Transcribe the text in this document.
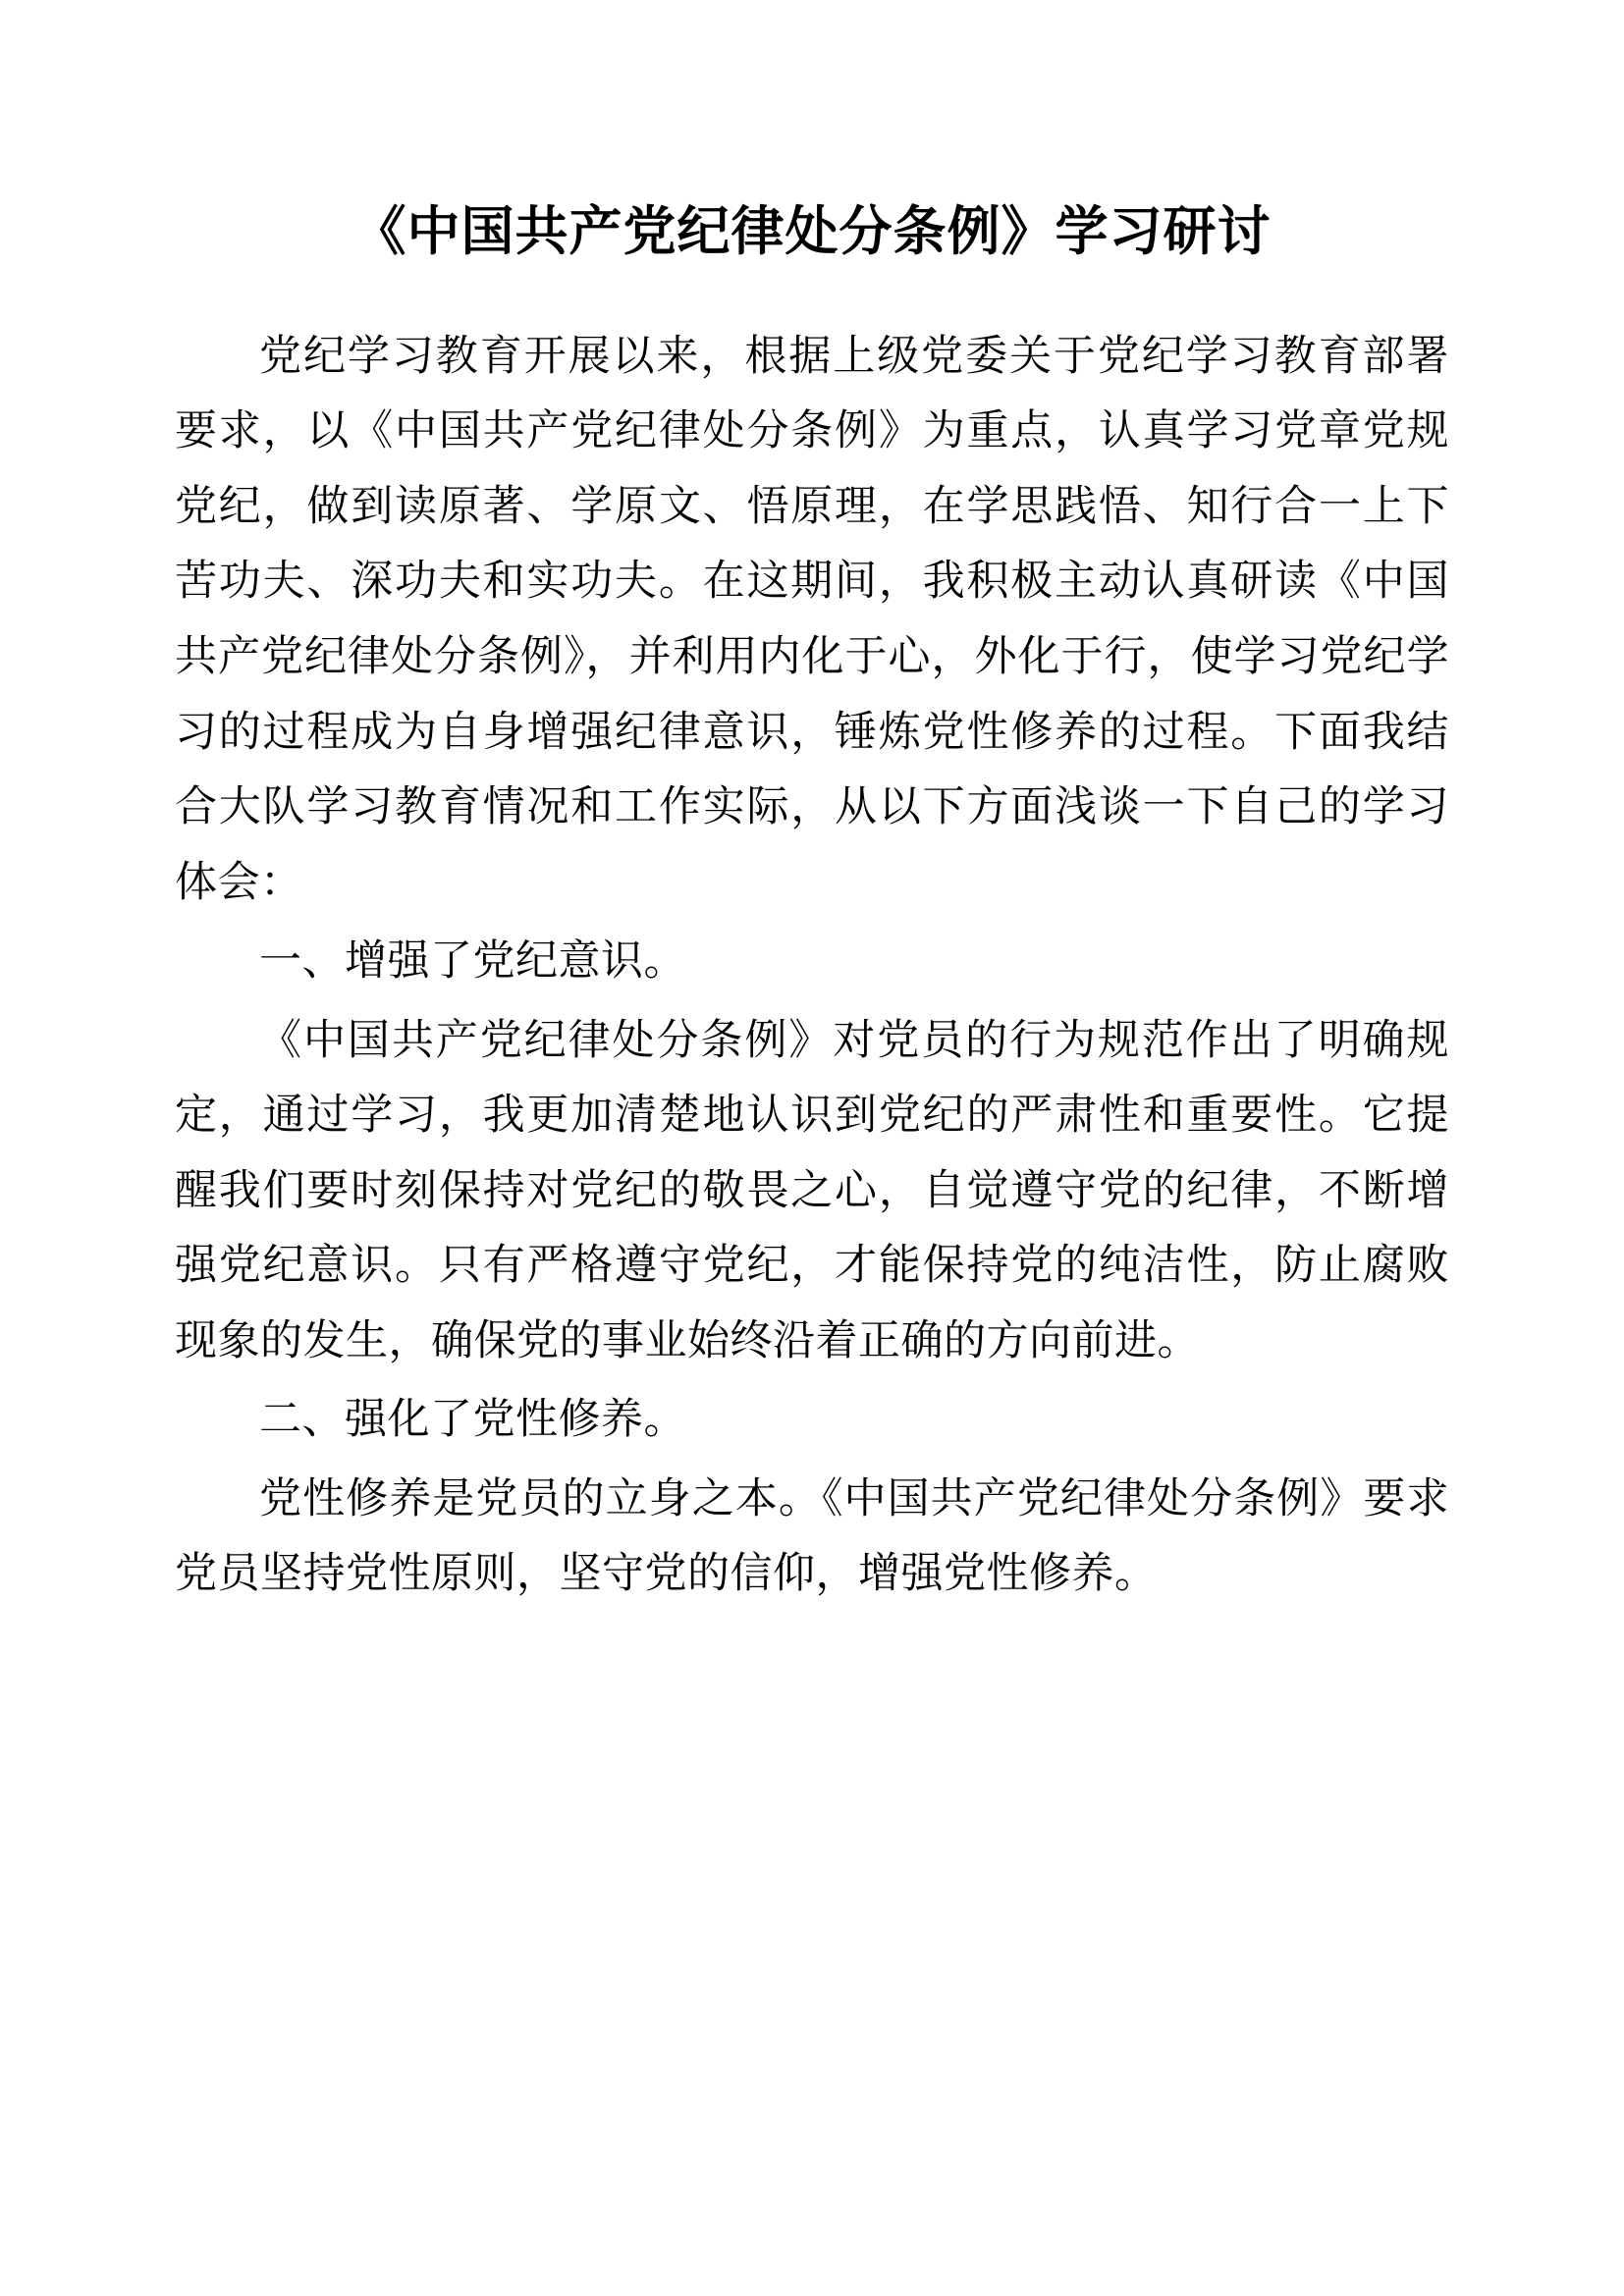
《中国共产党纪律处分条例》学习研讨

党纪学习教育开展以来，根据上级党委关于党纪学习教育部署要求，以《中国共产党纪律处分条例》为重点，认真学习党章党规党纪，做到读原著、学原文、悟原理，在学思践悟、知行合一上下苦功夫、深功夫和实功夫。在这期间，我积极主动认真研读《中国共产党纪律处分条例》，并利用内化于心，外化于行，使学习党纪学习的过程成为自身增强纪律意识，锤炼党性修养的过程。下面我结合大队学习教育情况和工作实际，从以下方面浅谈一下自己的学习体会：

一、增强了党纪意识。

《中国共产党纪律处分条例》对党员的行为规范作出了明确规定，通过学习，我更加清楚地认识到党纪的严肃性和重要性。它提醒我们要时刻保持对党纪的敬畏之心，自觉遵守党的纪律，不断增强党纪意识。只有严格遵守党纪，才能保持党的纯洁性，防止腐败现象的发生，确保党的事业始终沿着正确的方向前进。

二、强化了党性修养。

党性修养是党员的立身之本。《中国共产党纪律处分条例》要求党员坚持党性原则，坚守党的信仰，增强党性修养。
